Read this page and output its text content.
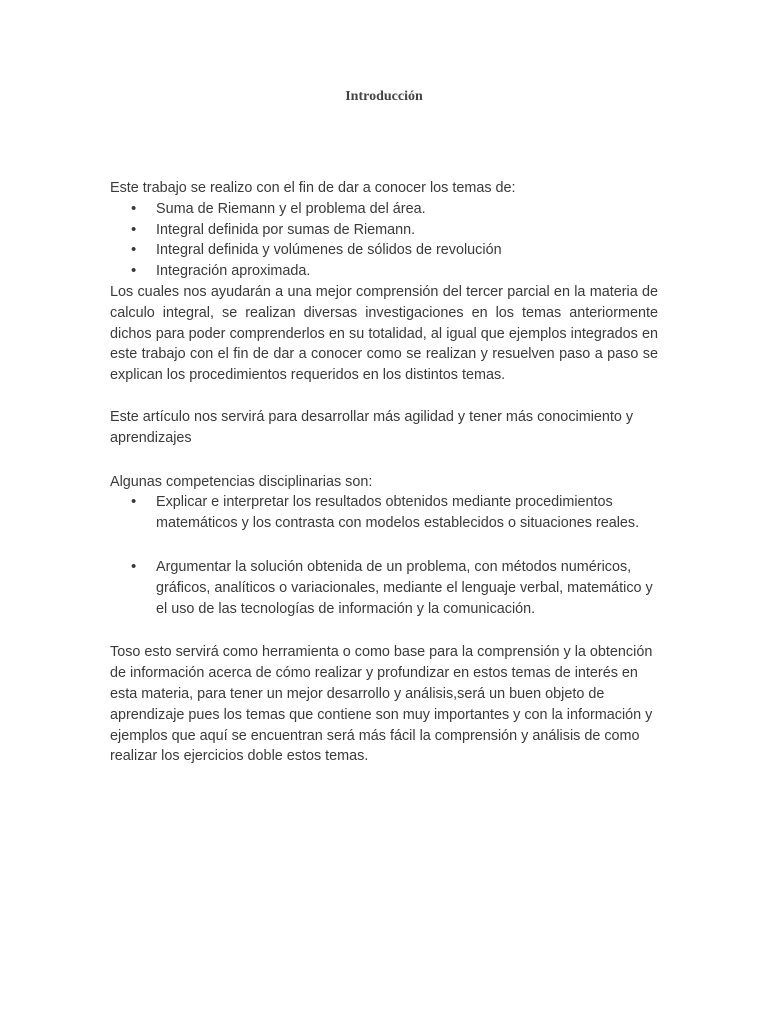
Introducción

Este trabajo se realizo con el fin de dar a conocer los temas de:

• Suma de Riemann y el problema del área.
• Integral definida por sumas de Riemann.
• Integral definida y volúmenes de sólidos de revolución
• Integración aproximada.

Los cuales nos ayudarán a una mejor comprensión del tercer parcial en la materia de calculo integral, se realizan diversas investigaciones en los temas anteriormente dichos para poder comprenderlos en su totalidad, al igual que ejemplos integrados en este trabajo con el fin de dar a conocer como se realizan y resuelven paso a paso se explican los procedimientos requeridos en los distintos temas.

Este artículo nos servirá para desarrollar más agilidad y tener más conocimiento y aprendizajes

Algunas competencias disciplinarias son:

• Explicar e interpretar los resultados obtenidos mediante procedimientos matemáticos y los contrasta con modelos establecidos o situaciones reales.
• Argumentar la solución obtenida de un problema, con métodos numéricos, gráficos, analíticos o variacionales, mediante el lenguaje verbal, matemático y el uso de las tecnologías de información y la comunicación.

Toso esto servirá como herramienta o como base para la comprensión y la obtención de información acerca de cómo realizar y profundizar en estos temas de interés en esta materia, para tener un mejor desarrollo y análisis,será un buen objeto de aprendizaje pues los temas que contiene son muy importantes y con la información y ejemplos que aquí se encuentran será más fácil la comprensión y análisis de como realizar los ejercicios doble estos temas.
